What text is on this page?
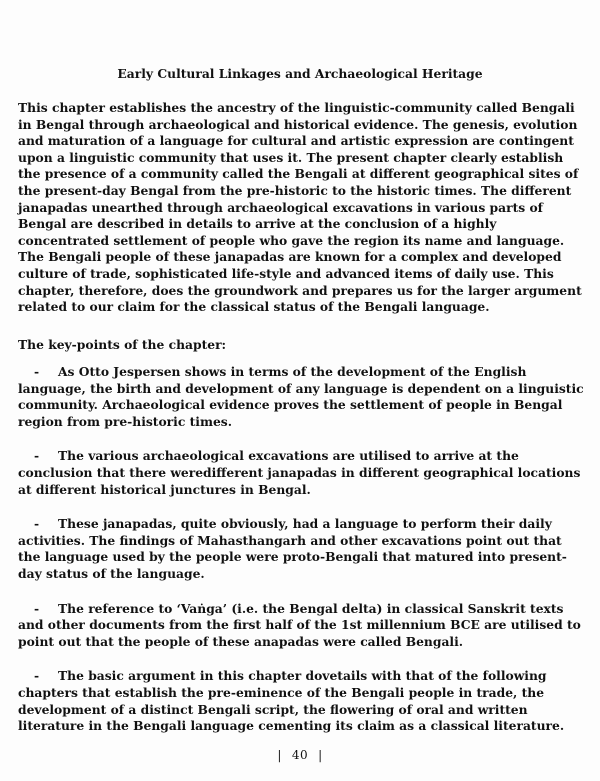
Early Cultural Linkages and Archaeological Heritage

This chapter establishes the ancestry of the linguistic-community called Bengali in Bengal through archaeological and historical evidence. The genesis, evolution and maturation of a language for cultural and artistic expression are contingent upon a linguistic community that uses it. The present chapter clearly establish the presence of a community called the Bengali at different geographical sites of the present-day Bengal from the pre-historic to the historic times. The different janapadas unearthed through archaeological excavations in various parts of Bengal are described in details to arrive at the conclusion of a highly concentrated settlement of people who gave the region its name and language. The Bengali people of these janapadas are known for a complex and developed culture of trade, sophisticated life-style and advanced items of daily use. This chapter, therefore, does the groundwork and prepares us for the larger argument related to our claim for the classical status of the Bengali language.

The key-points of the chapter:

- As Otto Jespersen shows in terms of the development of the English language, the birth and development of any language is dependent on a linguistic community. Archaeological evidence proves the settlement of people in Bengal region from pre-historic times.
- The various archaeological excavations are utilised to arrive at the conclusion that there weredifferent janapadas in different geographical locations at different historical junctures in Bengal.
- These janapadas, quite obviously, had a language to perform their daily activities. The findings of Mahasthangarh and other excavations point out that the language used by the people were proto-Bengali that matured into present-day status of the language.
- The reference to ‘Vaṅga’ (i.e. the Bengal delta) in classical Sanskrit texts and other documents from the first half of the 1st millennium BCE are utilised to point out that the people of these anapadas were called Bengali.
- The basic argument in this chapter dovetails with that of the following chapters that establish the pre-eminence of the Bengali people in trade, the development of a distinct Bengali script, the flowering of oral and written literature in the Bengali language cementing its claim as a classical literature.
| 40 |
